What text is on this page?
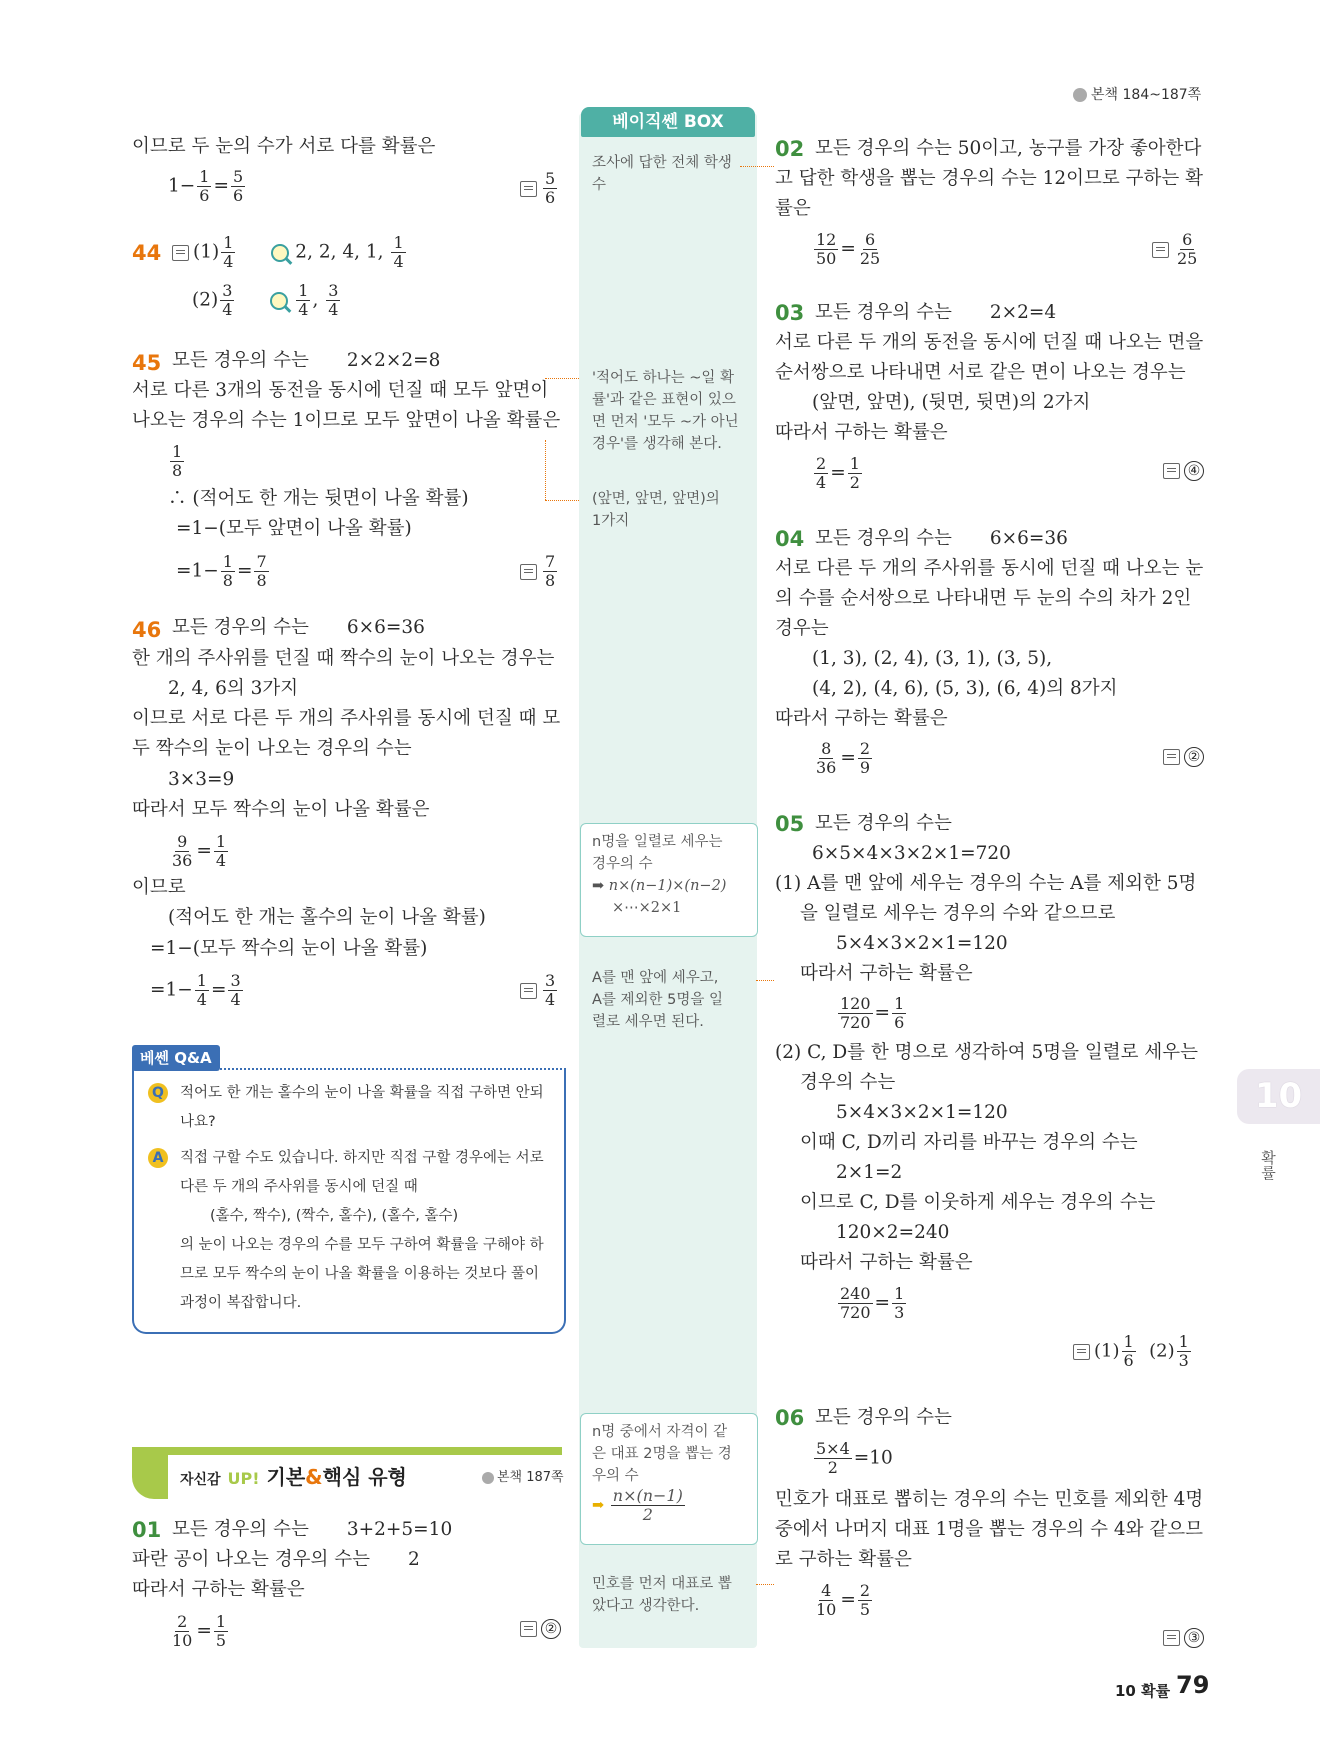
본책 184~187쪽
베이직쎈 BOX
조사에 답한 전체 학생
수
'적어도 하나는 ~일 확
률'과 같은 표현이 있으
면 먼저 '모두 ~가 아닌
경우'를 생각해 본다.
(앞면, 앞면, 앞면)의
1가지
n명을 일렬로 세우는
경우의 수
➡ n×(n−1)×(n−2)
×⋯×2×1
A를 맨 앞에 세우고,
A를 제외한 5명을 일
렬로 세우면 된다.
n명 중에서 자격이 같
은 대표 2명을 뽑는 경
우의 수
➡ $\frac{n\times(n-1)}{2}$
민호를 먼저 대표로 뽑
았다고 생각한다.
이므로 두 눈의 수가 서로 다를 확률은
$1- \frac{1}{6} = \frac{5}{6}$	$\frac{5}{6}$
44	$(1) \frac{1}{4}$	2, 2, 4, 1, $\frac{1}{4}$
$(2) \frac{3}{4}$
	$\frac{1}{4}$ , $\frac{3}{4}$
45 모든 경우의 수는 2×2×2=8
서로 다른 3개의 동전을 동시에 던질 때 모두 앞면이
나오는 경우의 수는 1이므로 모두 앞면이 나올 확률은
$\frac{1}{8}$
∴ (적어도 한 개는 뒷면이 나올 확률)
=1−(모두 앞면이 나올 확률)
$=1- \frac{1}{8} = \frac{7}{8}$	$\frac{7}{8}$
46 모든 경우의 수는 6×6=36
한 개의 주사위를 던질 때 짝수의 눈이 나오는 경우는
2, 4, 6의 3가지
이므로 서로 다른 두 개의 주사위를 동시에 던질 때 모
두 짝수의 눈이 나오는 경우의 수는
3×3=9
따라서 모두 짝수의 눈이 나올 확률은
$\frac{9}{36} = \frac{1}{4}$
이므로
(적어도 한 개는 홀수의 눈이 나올 확률)
=1−(모두 짝수의 눈이 나올 확률)
$=1- \frac{1}{4} = \frac{3}{4}$	$\frac{3}{4}$
베쎈 Q&A
Q 적어도 한 개는 홀수의 눈이 나올 확률을 직접 구하면 안되
나요?
A	직접 구할 수도 있습니다. 하지만 직접 구할 경우에는 서로
다른 두 개의 주사위를 동시에 던질 때
(홀수, 짝수), (짝수, 홀수), (홀수, 홀수)
의 눈이 나오는 경우의 수를 모두 구하여 확률을 구해야 하
므로 모두 짝수의 눈이 나올 확률을 이용하는 것보다 풀이
과정이 복잡합니다.
자신감 UP! 기본&핵심 유형	본책 187쪽
01 모든 경우의 수는 3+2+5=10
파란 공이 나오는 경우의 수는 2
따라서 구하는 확률은
$\frac{2}{10} = \frac{1}{5}$	②
02 모든 경우의 수는 50이고, 농구를 가장 좋아한다
고 답한 학생을 뽑는 경우의 수는 12이므로 구하는 확
률은
$\frac{12}{50} = \frac{6}{25}$	$\frac{6}{25}$
03 모든 경우의 수는 2×2=4
서로 다른 두 개의 동전을 동시에 던질 때 나오는 면을
순서쌍으로 나타내면 서로 같은 면이 나오는 경우는
(앞면, 앞면), (뒷면, 뒷면)의 2가지
따라서 구하는 확률은
$\frac{2}{4} = \frac{1}{2}$	④
04 모든 경우의 수는 6×6=36
서로 다른 두 개의 주사위를 동시에 던질 때 나오는 눈
의 수를 순서쌍으로 나타내면 두 눈의 수의 차가 2인
경우는
(1, 3), (2, 4), (3, 1), (3, 5),
(4, 2), (4, 6), (5, 3), (6, 4)의 8가지
따라서 구하는 확률은
$\frac{8}{36} = \frac{2}{9}$	②
05 모든 경우의 수는
6×5×4×3×2×1=720
(1) A를 맨 앞에 세우는 경우의 수는 A를 제외한 5명
을 일렬로 세우는 경우의 수와 같으므로
5×4×3×2×1=120
따라서 구하는 확률은
$\frac{120}{720} = \frac{1}{6}$
(2) C, D를 한 명으로 생각하여 5명을 일렬로 세우는
경우의 수는
5×4×3×2×1=120
이때 C, D끼리 자리를 바꾸는 경우의 수는
2×1=2
이므로 C, D를 이웃하게 세우는 경우의 수는
120×2=240
따라서 구하는 확률은
$\frac{240}{720} = \frac{1}{3}$
$(1) \frac{1}{6} (2) \frac{1}{3}$
06 모든 경우의 수는
$\frac{5\times 4}{2} =10$
민호가 대표로 뽑히는 경우의 수는 민호를 제외한 4명
중에서 나머지 대표 1명을 뽑는 경우의 수 4와 같으므
로 구하는 확률은
$\frac{4}{10} = \frac{2}{5}$
③
10
확률
10 확률 79
